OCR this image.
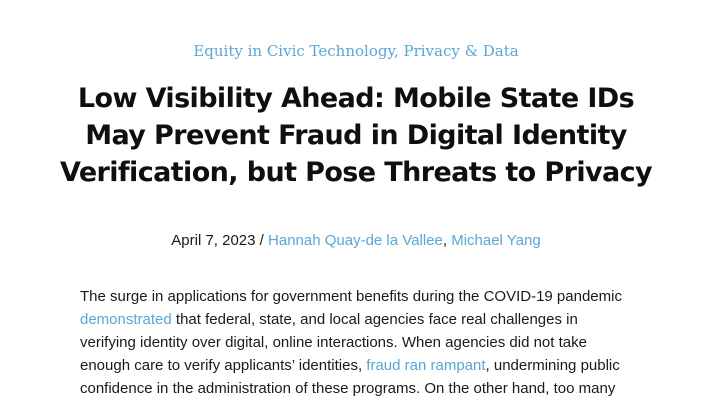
Equity in Civic Technology, Privacy & Data
Low Visibility Ahead: Mobile State IDs
May Prevent Fraud in Digital Identity
Verification, but Pose Threats to Privacy
April 7, 2023 / Hannah Quay-de la Vallee, Michael Yang

The surge in applications for government benefits during the COVID-19 pandemic
demonstrated that federal, state, and local agencies face real challenges in
verifying identity over digital, online interactions. When agencies did not take
enough care to verify applicants’ identities, fraud ran rampant, undermining public
confidence in the administration of these programs. On the other hand, too many
